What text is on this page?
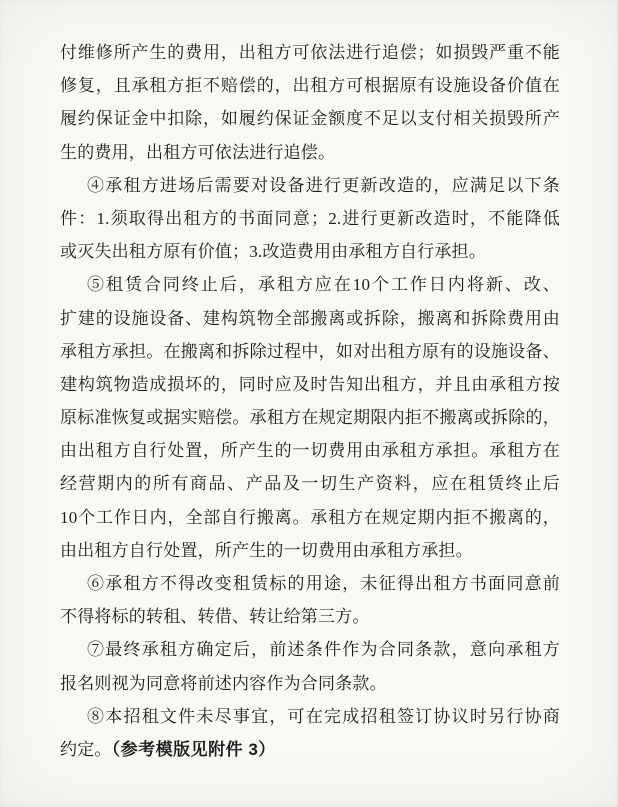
付维修所产生的费用，出租方可依法进行追偿；如损毁严重不能
修复，且承租方拒不赔偿的，出租方可根据原有设施设备价值在
履约保证金中扣除，如履约保证金额度不足以支付相关损毁所产
生的费用，出租方可依法进行追偿。
④承租方进场后需要对设备进行更新改造的，应满足以下条
件：1.须取得出租方的书面同意；2.进行更新改造时，不能降低
或灭失出租方原有价值；3.改造费用由承租方自行承担。
⑤租赁合同终止后，承租方应在10个工作日内将新、改、
扩建的设施设备、建构筑物全部搬离或拆除，搬离和拆除费用由
承租方承担。在搬离和拆除过程中，如对出租方原有的设施设备、
建构筑物造成损坏的，同时应及时告知出租方，并且由承租方按
原标准恢复或据实赔偿。承租方在规定期限内拒不搬离或拆除的，
由出租方自行处置，所产生的一切费用由承租方承担。承租方在
经营期内的所有商品、产品及一切生产资料，应在租赁终止后
10个工作日内，全部自行搬离。承租方在规定期内拒不搬离的，
由出租方自行处置，所产生的一切费用由承租方承担。
⑥承租方不得改变租赁标的用途，未征得出租方书面同意前
不得将标的转租、转借、转让给第三方。
⑦最终承租方确定后，前述条件作为合同条款，意向承租方
报名则视为同意将前述内容作为合同条款。
⑧本招租文件未尽事宜，可在完成招租签订协议时另行协商
约定。（参考模版见附件 3）
